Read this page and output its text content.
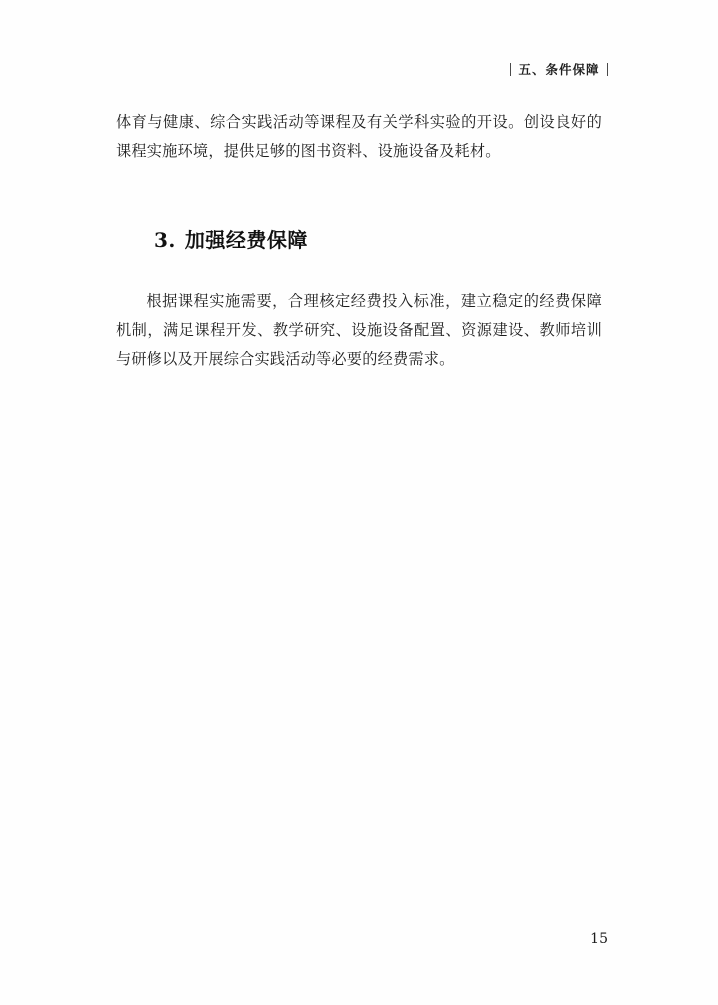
五、条件保障

体育与健康、综合实践活动等课程及有关学科实验的开设。创设良好的课程实施环境，提供足够的图书资料、设施设备及耗材。

3. 加强经费保障

根据课程实施需要，合理核定经费投入标准，建立稳定的经费保障机制，满足课程开发、教学研究、设施设备配置、资源建设、教师培训与研修以及开展综合实践活动等必要的经费需求。

15
